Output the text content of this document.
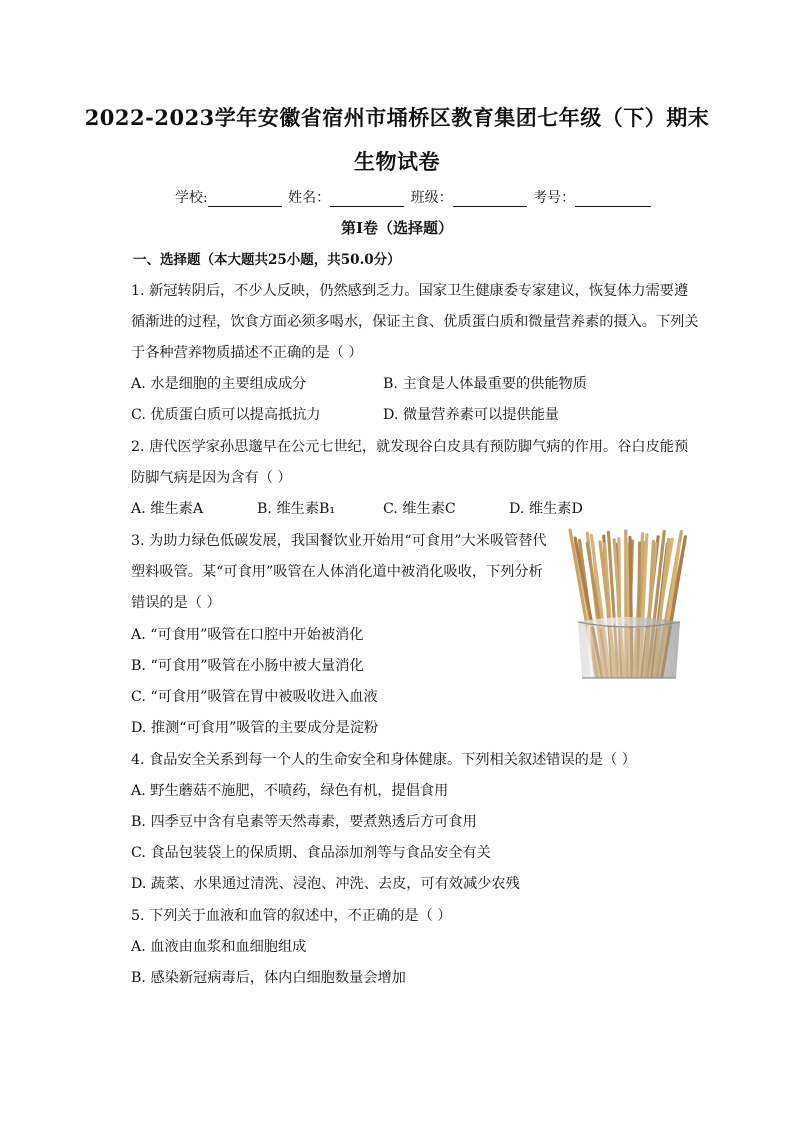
2022-2023学年安徽省宿州市埇桥区教育集团七年级（下）期末
生物试卷
学校:	姓名：	班级：	考号：
第I卷（选择题）
一、选择题（本大题共25小题，共50.0分）
1. 新冠转阴后，不少人反映，仍然感到乏力。国家卫生健康委专家建议，恢复体力需要遵
循渐进的过程，饮食方面必须多喝水，保证主食、优质蛋白质和微量营养素的摄入。下列关
于各种营养物质描述不正确的是（ ）
A. 水是细胞的主要组成成分	B. 主食是人体最重要的供能物质
C. 优质蛋白质可以提高抵抗力	D. 微量营养素可以提供能量
2. 唐代医学家孙思邈早在公元七世纪，就发现谷白皮具有预防脚气病的作用。谷白皮能预
防脚气病是因为含有（ ）
A. 维生素A	B. 维生素B₁	C. 维生素C	D. 维生素D
3. 为助力绿色低碳发展，我国餐饮业开始用“可食用”大米吸管替代
塑料吸管。某“可食用”吸管在人体消化道中被消化吸收，下列分析
错误的是（ ）
A. “可食用”吸管在口腔中开始被消化
B. “可食用”吸管在小肠中被大量消化
C. “可食用”吸管在胃中被吸收进入血液
D. 推测“可食用”吸管的主要成分是淀粉
4. 食品安全关系到每一个人的生命安全和身体健康。下列相关叙述错误的是（ ）
A. 野生蘑菇不施肥，不喷药，绿色有机，提倡食用
B. 四季豆中含有皂素等天然毒素，要煮熟透后方可食用
C. 食品包装袋上的保质期、食品添加剂等与食品安全有关
D. 蔬菜、水果通过清洗、浸泡、冲洗、去皮，可有效减少农残
5. 下列关于血液和血管的叙述中，不正确的是（ ）
A. 血液由血浆和血细胞组成
B. 感染新冠病毒后，体内白细胞数量会增加
